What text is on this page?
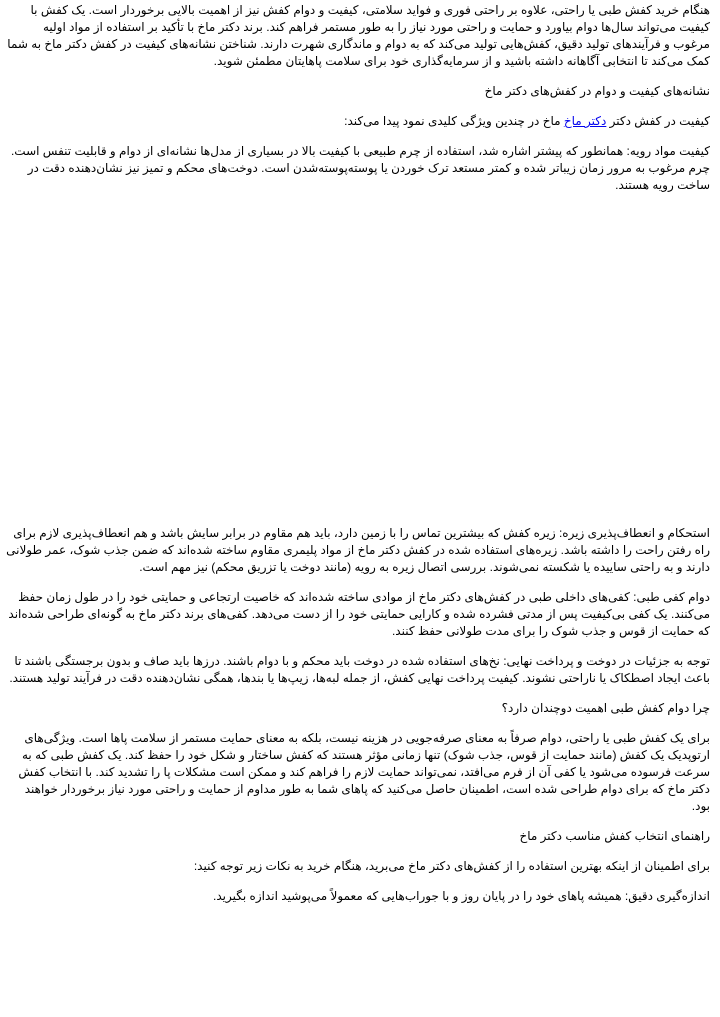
هنگام خرید کفش طبی یا راحتی، علاوه بر راحتی فوری و فواید سلامتی، کیفیت و دوام کفش نیز از اهمیت بالایی برخوردار است. یک کفش با کیفیت می‌تواند سال‌ها دوام بیاورد و حمایت و راحتی مورد نیاز را به طور مستمر فراهم کند. برند دکتر ماخ با تأکید بر استفاده از مواد اولیه مرغوب و فرآیندهای تولید دقیق، کفش‌هایی تولید می‌کند که به دوام و ماندگاری شهرت دارند. شناختن نشانه‌های کیفیت در کفش دکتر ماخ به شما کمک می‌کند تا انتخابی آگاهانه داشته باشید و از سرمایه‌گذاری خود برای سلامت پاهایتان مطمئن شوید.

نشانه‌های کیفیت و دوام در کفش‌های دکتر ماخ

کیفیت در کفش دکتر دکتر ماخ ماخ در چندین ویژگی کلیدی نمود پیدا می‌کند:

کیفیت مواد رویه: همانطور که پیشتر اشاره شد، استفاده از چرم طبیعی با کیفیت بالا در بسیاری از مدل‌ها نشانه‌ای از دوام و قابلیت تنفس است. چرم مرغوب به مرور زمان زیباتر شده و کمتر مستعد ترک خوردن یا پوسته‌پوسته‌شدن است. دوخت‌های محکم و تمیز نیز نشان‌دهنده دقت در ساخت رویه هستند.

استحکام و انعطاف‌پذیری زیره: زیره کفش که بیشترین تماس را با زمین دارد، باید هم مقاوم در برابر سایش باشد و هم انعطاف‌پذیری لازم برای راه رفتن راحت را داشته باشد. زیره‌های استفاده شده در کفش دکتر ماخ از مواد پلیمری مقاوم ساخته شده‌اند که ضمن جذب شوک، عمر طولانی دارند و به راحتی ساییده یا شکسته نمی‌شوند. بررسی اتصال زیره به رویه (مانند دوخت یا تزریق محکم) نیز مهم است.

دوام کفی طبی: کفی‌های داخلی طبی در کفش‌های دکتر ماخ از موادی ساخته شده‌اند که خاصیت ارتجاعی و حمایتی خود را در طول زمان حفظ می‌کنند. یک کفی بی‌کیفیت پس از مدتی فشرده شده و کارایی حمایتی خود را از دست می‌دهد. کفی‌های برند دکتر ماخ به گونه‌ای طراحی شده‌اند که حمایت از قوس و جذب شوک را برای مدت طولانی حفظ کنند.

توجه به جزئیات در دوخت و پرداخت نهایی: نخ‌های استفاده شده در دوخت باید محکم و با دوام باشند. درزها باید صاف و بدون برجستگی باشند تا باعث ایجاد اصطکاک یا ناراحتی نشوند. کیفیت پرداخت نهایی کفش، از جمله لبه‌ها، زیپ‌ها یا بندها، همگی نشان‌دهنده دقت در فرآیند تولید هستند.

چرا دوام کفش طبی اهمیت دوچندان دارد؟

برای یک کفش طبی یا راحتی، دوام صرفاً به معنای صرفه‌جویی در هزینه نیست، بلکه به معنای حمایت مستمر از سلامت پاها است. ویژگی‌های ارتوپدیک یک کفش (مانند حمایت از قوس، جذب شوک) تنها زمانی مؤثر هستند که کفش ساختار و شکل خود را حفظ کند. یک کفش طبی که به سرعت فرسوده می‌شود یا کفی آن از فرم می‌افتد، نمی‌تواند حمایت لازم را فراهم کند و ممکن است مشکلات پا را تشدید کند. با انتخاب کفش دکتر ماخ که برای دوام طراحی شده است، اطمینان حاصل می‌کنید که پاهای شما به طور مداوم از حمایت و راحتی مورد نیاز برخوردار خواهند بود.

راهنمای انتخاب کفش مناسب دکتر ماخ

برای اطمینان از اینکه بهترین استفاده را از کفش‌های دکتر ماخ می‌برید، هنگام خرید به نکات زیر توجه کنید:

اندازه‌گیری دقیق: همیشه پاهای خود را در پایان روز و با جوراب‌هایی که معمولاً می‌پوشید اندازه بگیرید.
